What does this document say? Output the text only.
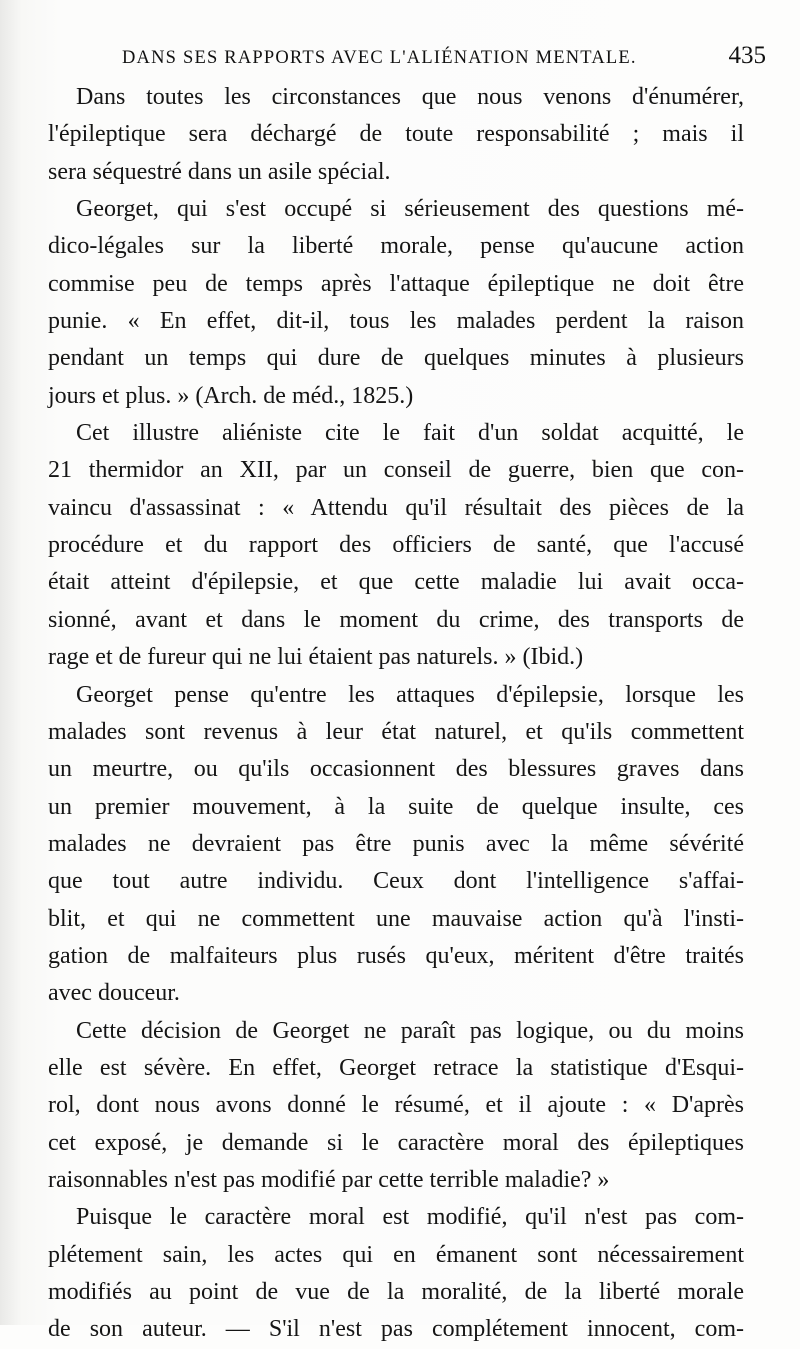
DANS SES RAPPORTS AVEC L'ALIÉNATION MENTALE.	435
Dans toutes les circonstances que nous venons d'énumérer,
l'épileptique sera déchargé de toute responsabilité ; mais il
sera séquestré dans un asile spécial.
Georget, qui s'est occupé si sérieusement des questions mé-
dico-légales sur la liberté morale, pense qu'aucune action
commise peu de temps après l'attaque épileptique ne doit être
punie. « En effet, dit-il, tous les malades perdent la raison
pendant un temps qui dure de quelques minutes à plusieurs
jours et plus. » (Arch. de méd., 1825.)
Cet illustre aliéniste cite le fait d'un soldat acquitté, le
21 thermidor an XII, par un conseil de guerre, bien que con-
vaincu d'assassinat : « Attendu qu'il résultait des pièces de la
procédure et du rapport des officiers de santé, que l'accusé
était atteint d'épilepsie, et que cette maladie lui avait occa-
sionné, avant et dans le moment du crime, des transports de
rage et de fureur qui ne lui étaient pas naturels. » (Ibid.)
Georget pense qu'entre les attaques d'épilepsie, lorsque les
malades sont revenus à leur état naturel, et qu'ils commettent
un meurtre, ou qu'ils occasionnent des blessures graves dans
un premier mouvement, à la suite de quelque insulte, ces
malades ne devraient pas être punis avec la même sévérité
que tout autre individu. Ceux dont l'intelligence s'affai-
blit, et qui ne commettent une mauvaise action qu'à l'insti-
gation de malfaiteurs plus rusés qu'eux, méritent d'être traités
avec douceur.
Cette décision de Georget ne paraît pas logique, ou du moins
elle est sévère. En effet, Georget retrace la statistique d'Esqui-
rol, dont nous avons donné le résumé, et il ajoute : « D'après
cet exposé, je demande si le caractère moral des épileptiques
raisonnables n'est pas modifié par cette terrible maladie? »
Puisque le caractère moral est modifié, qu'il n'est pas com-
plétement sain, les actes qui en émanent sont nécessairement
modifiés au point de vue de la moralité, de la liberté morale
de son auteur. — S'il n'est pas complétement innocent, com-
